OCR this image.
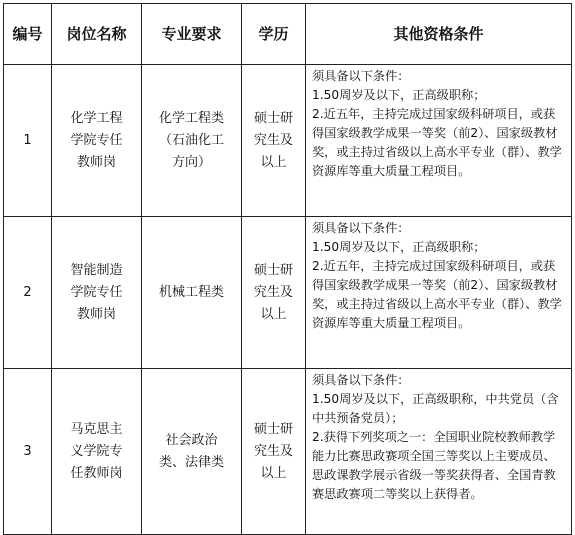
编号	岗位名称	专业要求	学历	其他资格条件
1	化学工程
学院专任
教师岗	化学工程类
（石油化工
方向）	硕士研
究生及
以上	须具备以下条件：
1.50周岁及以下，正高级职称；
2.近五年，主持完成过国家级科研项目，或获得国家级教学成果一等奖（前2）、国家级教材奖，或主持过省级以上高水平专业（群）、教学资源库等重大质量工程项目。

2	智能制造
学院专任
教师岗	机械工程类	硕士研
究生及
以上	须具备以下条件：
1.50周岁及以下，正高级职称；
2.近五年，主持完成过国家级科研项目，或获得国家级教学成果一等奖（前2）、国家级教材奖，或主持过省级以上高水平专业（群）、教学资源库等重大质量工程项目。

3	马克思主
义学院专
任教师岗	社会政治
类、法律类	硕士研
究生及
以上	须具备以下条件：
1.50周岁及以下，正高级职称，中共党员（含中共预备党员）；
2.获得下列奖项之一：全国职业院校教师教学能力比赛思政赛项全国三等奖以上主要成员、思政课教学展示省级一等奖获得者、全国青教赛思政赛项二等奖以上获得者。
